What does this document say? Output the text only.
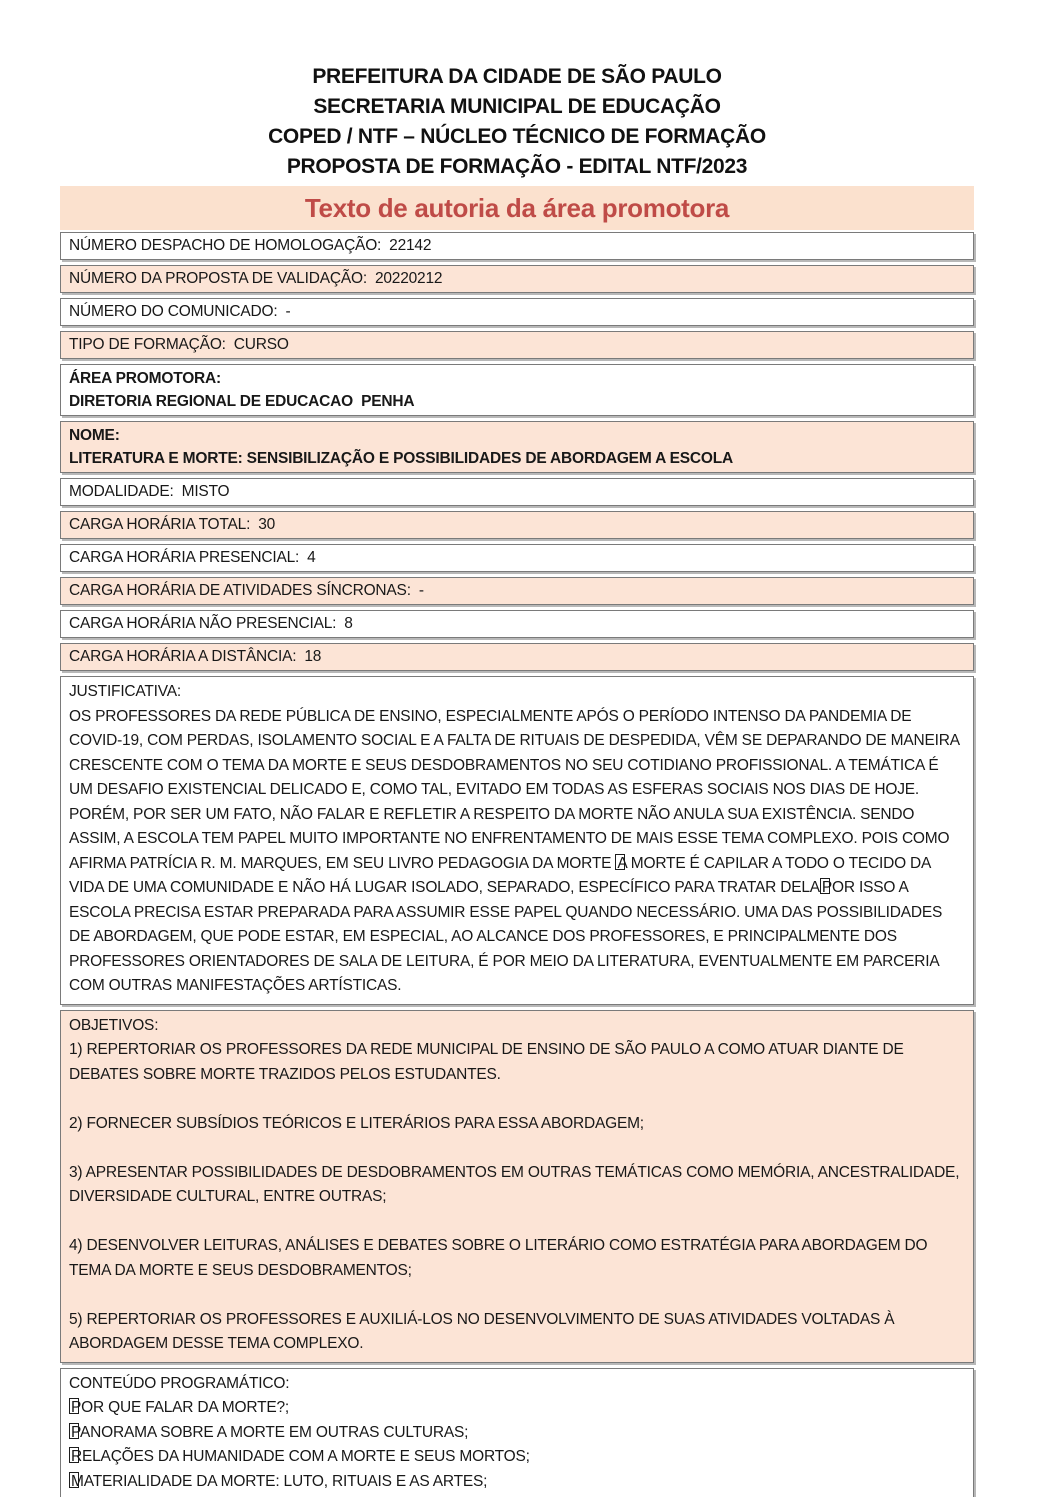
PREFEITURA DA CIDADE DE SÃO PAULO
SECRETARIA MUNICIPAL DE EDUCAÇÃO
COPED / NTF – NÚCLEO TÉCNICO DE FORMAÇÃO
PROPOSTA DE FORMAÇÃO - EDITAL NTF/2023
Texto de autoria da área promotora
NÚMERO DESPACHO DE HOMOLOGAÇÃO: 22142
NÚMERO DA PROPOSTA DE VALIDAÇÃO: 20220212
NÚMERO DO COMUNICADO: -
TIPO DE FORMAÇÃO: CURSO
ÁREA PROMOTORA:
DIRETORIA REGIONAL DE EDUCACAO  PENHA
NOME:
LITERATURA E MORTE: SENSIBILIZAÇÃO E POSSIBILIDADES DE ABORDAGEM A ESCOLA
MODALIDADE: MISTO
CARGA HORÁRIA TOTAL: 30
CARGA HORÁRIA PRESENCIAL: 4
CARGA HORÁRIA DE ATIVIDADES SÍNCRONAS: -
CARGA HORÁRIA NÃO PRESENCIAL: 8
CARGA HORÁRIA A DISTÂNCIA: 18
JUSTIFICATIVA:

OS PROFESSORES DA REDE PÚBLICA DE ENSINO, ESPECIALMENTE APÓS O PERÍODO INTENSO DA PANDEMIA DE COVID-19, COM PERDAS, ISOLAMENTO SOCIAL E A FALTA DE RITUAIS DE DESPEDIDA, VÊM SE DEPARANDO DE MANEIRA CRESCENTE COM O TEMA DA MORTE E SEUS DESDOBRAMENTOS NO SEU COTIDIANO PROFISSIONAL. A TEMÁTICA É UM DESAFIO EXISTENCIAL DELICADO E, COMO TAL, EVITADO EM TODAS AS ESFERAS SOCIAIS NOS DIAS DE HOJE. PORÉM, POR SER UM FATO, NÃO FALAR E REFLETIR A RESPEITO DA MORTE NÃO ANULA SUA EXISTÊNCIA. SENDO ASSIM, A ESCOLA TEM PAPEL MUITO IMPORTANTE NO ENFRENTAMENTO DE MAIS ESSE TEMA COMPLEXO. POIS COMO AFIRMA PATRÍCIA R. M. MARQUES, EM SEU LIVRO PEDAGOGIA DA MORTE A MORTE É CAPILAR A TODO O TECIDO DA VIDA DE UMA COMUNIDADE E NÃO HÁ LUGAR ISOLADO, SEPARADO, ESPECÍFICO PARA TRATAR DELA POR ISSO A ESCOLA PRECISA ESTAR PREPARADA PARA ASSUMIR ESSE PAPEL QUANDO NECESSÁRIO. UMA DAS POSSIBILIDADES DE ABORDAGEM, QUE PODE ESTAR, EM ESPECIAL, AO ALCANCE DOS PROFESSORES, E PRINCIPALMENTE DOS PROFESSORES ORIENTADORES DE SALA DE LEITURA, É POR MEIO DA LITERATURA, EVENTUALMENTE EM PARCERIA COM OUTRAS MANIFESTAÇÕES ARTÍSTICAS.

OBJETIVOS:

1) REPERTORIAR OS PROFESSORES DA REDE MUNICIPAL DE ENSINO DE SÃO PAULO A COMO ATUAR DIANTE DE DEBATES SOBRE MORTE TRAZIDOS PELOS ESTUDANTES.

2) FORNECER SUBSÍDIOS TEÓRICOS E LITERÁRIOS PARA ESSA ABORDAGEM;

3) APRESENTAR POSSIBILIDADES DE DESDOBRAMENTOS EM OUTRAS TEMÁTICAS COMO MEMÓRIA, ANCESTRALIDADE, DIVERSIDADE CULTURAL, ENTRE OUTRAS;

4) DESENVOLVER LEITURAS, ANÁLISES E DEBATES SOBRE O LITERÁRIO COMO ESTRATÉGIA PARA ABORDAGEM DO TEMA DA MORTE E SEUS DESDOBRAMENTOS;

5) REPERTORIAR OS PROFESSORES E AUXILIÁ-LOS NO DESENVOLVIMENTO DE SUAS ATIVIDADES VOLTADAS À ABORDAGEM DESSE TEMA COMPLEXO.

CONTEÚDO PROGRAMÁTICO:
POR QUE FALAR DA MORTE?;
PANORAMA SOBRE A MORTE EM OUTRAS CULTURAS;
RELAÇÕES DA HUMANIDADE COM A MORTE E SEUS MORTOS;
MATERIALIDADE DA MORTE: LUTO, RITUAIS E AS ARTES;
